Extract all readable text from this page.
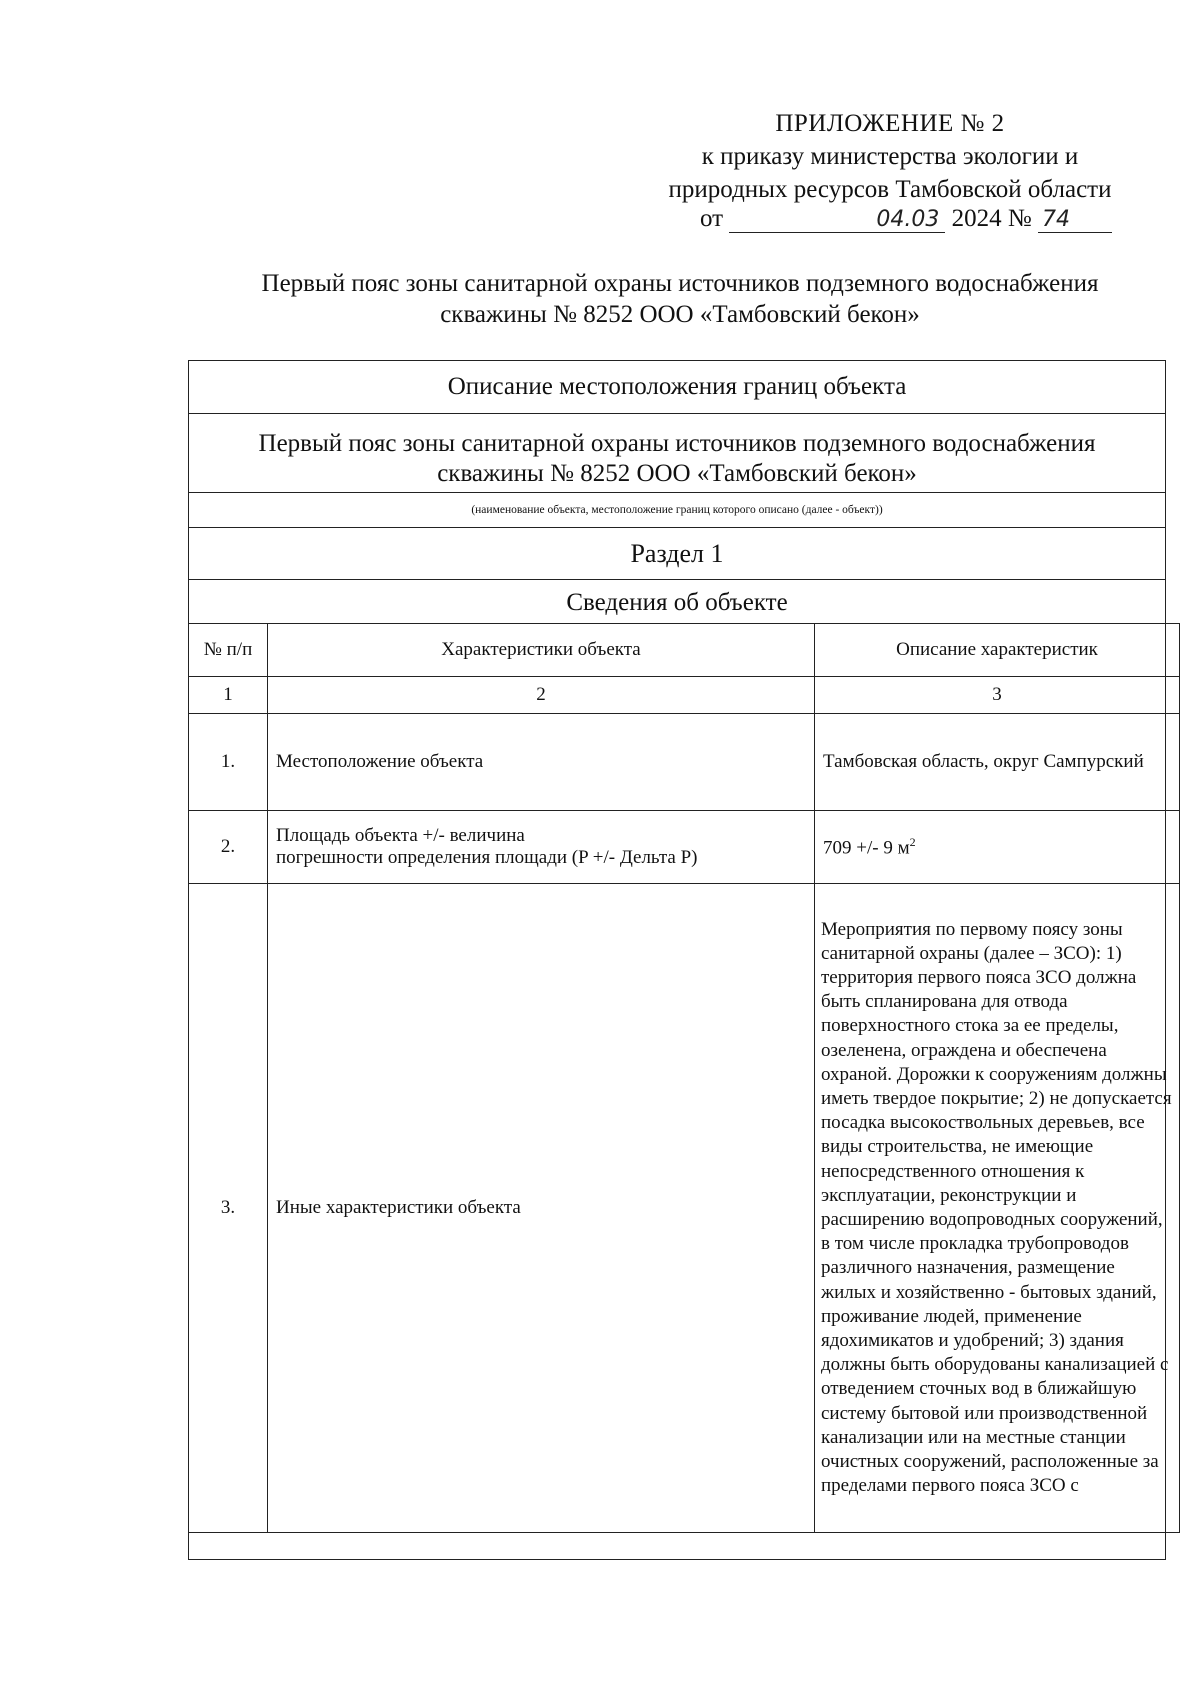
ПРИЛОЖЕНИЕ № 2
к приказу министерства экологии и
природных ресурсов Тамбовской области
от	04.03 2024 № 74
Первый пояс зоны санитарной охраны источников подземного водоснабжения
скважины № 8252 ООО «Тамбовский бекон»
Описание местоположения границ объекта
Первый пояс зоны санитарной охраны источников подземного водоснабжения
скважины № 8252 ООО «Тамбовский бекон»
(наименование объекта, местоположение границ которого описано (далее - объект))
Раздел 1
Сведения об объекте
№ п/п	Характеристики объекта	Описание характеристик
1	2	3
1.	Местоположение объекта	Тамбовская область, округ Сампурский
2.	Площадь объекта +/- величина
погрешности определения площади (P +/- Дельта P)	709 +/- 9 $м^2$
3.	Иные характеристики объекта	Мероприятия по первому поясу зоны санитарной охраны (далее – ЗСО): 1) территория первого пояса ЗСО должна быть спланирована для отвода поверхностного стока за ее пределы, озеленена, ограждена и обеспечена охраной. Дорожки к сооружениям должны иметь твердое покрытие; 2) не допускается посадка высокоствольных деревьев, все виды строительства, не имеющие непосредственного отношения к эксплуатации, реконструкции и расширению водопроводных сооружений, в том числе прокладка трубопроводов различного назначения, размещение жилых и хозяйственно - бытовых зданий, проживание людей, применение ядохимикатов и удобрений; 3) здания должны быть оборудованы канализацией с отведением сточных вод в ближайшую систему бытовой или производственной канализации или на местные станции очистных сооружений, расположенные за пределами первого пояса ЗСО с
